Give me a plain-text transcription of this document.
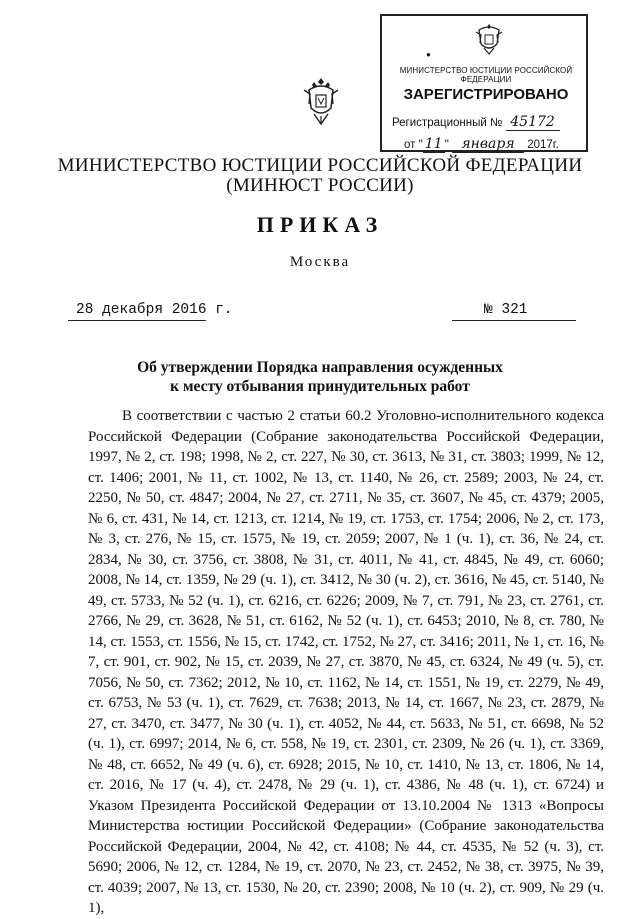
●
МИНИСТЕРСТВО ЮСТИЦИИ РОССИЙСКОЙ ФЕДЕРАЦИИ
ЗАРЕГИСТРИРОВАНО
Регистрационный № 45172
от " 11 " января 2017г.
МИНИСТЕРСТВО ЮСТИЦИИ РОССИЙСКОЙ ФЕДЕРАЦИИ
(МИНЮСТ РОССИИ)
ПРИКАЗ
Москва
28 декабря 2016 г.	№ 321
Об утверждении Порядка направления осужденных
к месту отбывания принудительных работ

В соответствии с частью 2 статьи 60.2 Уголовно-исполнительного кодекса Российской Федерации (Собрание законодательства Российской Федерации, 1997, № 2, ст. 198; 1998, № 2, ст. 227, № 30, ст. 3613, № 31, ст. 3803; 1999, № 12, ст. 1406; 2001, № 11, ст. 1002, № 13, ст. 1140, № 26, ст. 2589; 2003, № 24, ст. 2250, № 50, ст. 4847; 2004, № 27, ст. 2711, № 35, ст. 3607, № 45, ст. 4379; 2005, № 6, ст. 431, № 14, ст. 1213, ст. 1214, № 19, ст. 1753, ст. 1754; 2006, № 2, ст. 173, № 3, ст. 276, № 15, ст. 1575, № 19, ст. 2059; 2007, № 1 (ч. 1), ст. 36, № 24, ст. 2834, № 30, ст. 3756, ст. 3808, № 31, ст. 4011, № 41, ст. 4845, № 49, ст. 6060; 2008, № 14, ст. 1359, № 29 (ч. 1), ст. 3412, № 30 (ч. 2), ст. 3616, № 45, ст. 5140, № 49, ст. 5733, № 52 (ч. 1), ст. 6216, ст. 6226; 2009, № 7, ст. 791, № 23, ст. 2761, ст. 2766, № 29, ст. 3628, № 51, ст. 6162, № 52 (ч. 1), ст. 6453; 2010, № 8, ст. 780, № 14, ст. 1553, ст. 1556, № 15, ст. 1742, ст. 1752, № 27, ст. 3416; 2011, № 1, ст. 16, № 7, ст. 901, ст. 902, № 15, ст. 2039, № 27, ст. 3870, № 45, ст. 6324, № 49 (ч. 5), ст. 7056, № 50, ст. 7362; 2012, № 10, ст. 1162, № 14, ст. 1551, № 19, ст. 2279, № 49, ст. 6753, № 53 (ч. 1), ст. 7629, ст. 7638; 2013, № 14, ст. 1667, № 23, ст. 2879, № 27, ст. 3470, ст. 3477, № 30 (ч. 1), ст. 4052, № 44, ст. 5633, № 51, ст. 6698, № 52 (ч. 1), ст. 6997; 2014, № 6, ст. 558, № 19, ст. 2301, ст. 2309, № 26 (ч. 1), ст. 3369, № 48, ст. 6652, № 49 (ч. 6), ст. 6928; 2015, № 10, ст. 1410, № 13, ст. 1806, № 14, ст. 2016, № 17 (ч. 4), ст. 2478, № 29 (ч. 1), ст. 4386, № 48 (ч. 1), ст. 6724) и Указом Президента Российской Федерации от 13.10.2004 № 1313 «Вопросы Министерства юстиции Российской Федерации» (Собрание законодательства Российской Федерации, 2004, № 42, ст. 4108; № 44, ст. 4535, № 52 (ч. 3), ст. 5690; 2006, № 12, ст. 1284, № 19, ст. 2070, № 23, ст. 2452, № 38, ст. 3975, № 39, ст. 4039; 2007, № 13, ст. 1530, № 20, ст. 2390; 2008, № 10 (ч. 2), ст. 909, № 29 (ч. 1),
